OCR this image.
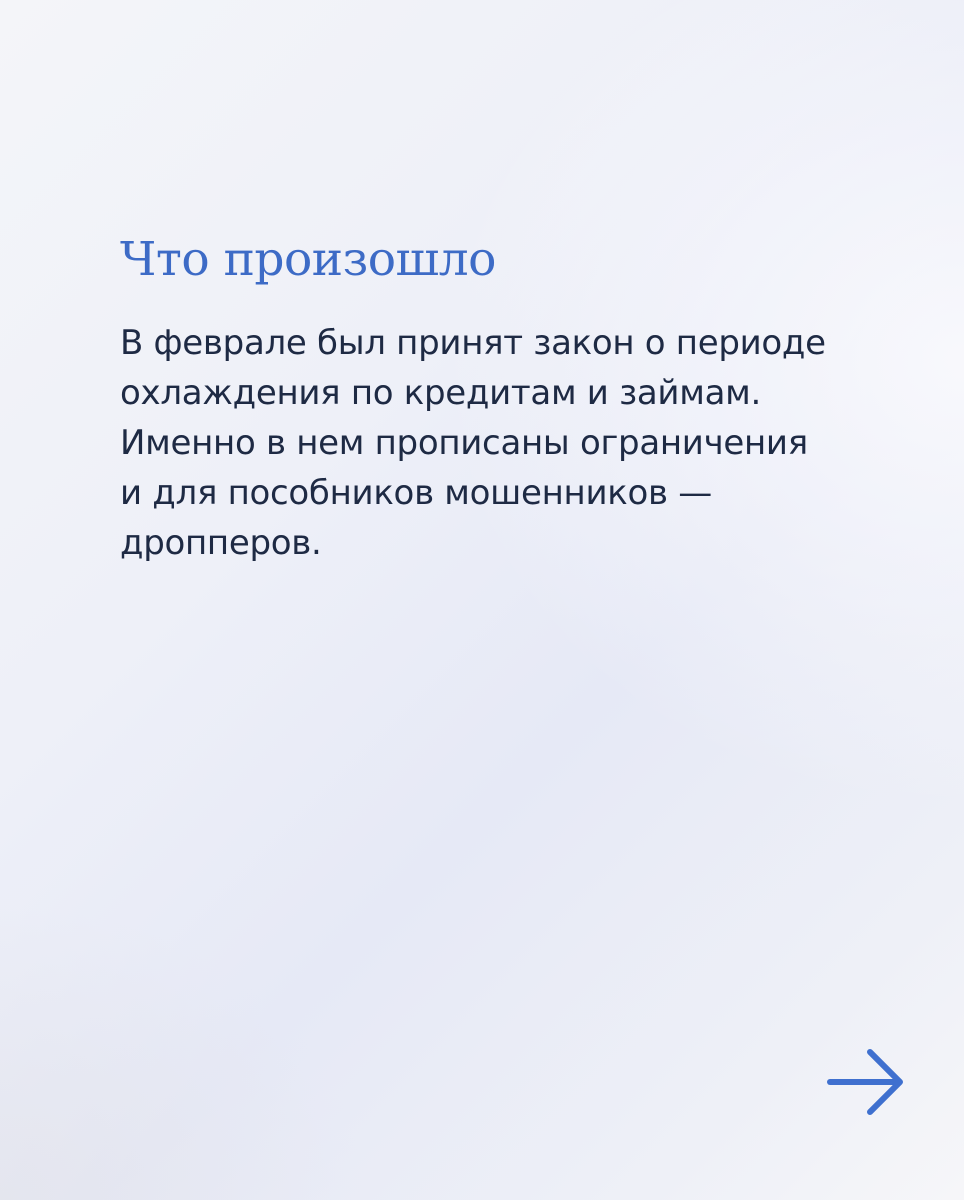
Что произошло

В феврале был принят закон о периоде
охлаждения по кредитам и займам.
Именно в нем прописаны ограничения
и для пособников мошенников —
дропперов.
